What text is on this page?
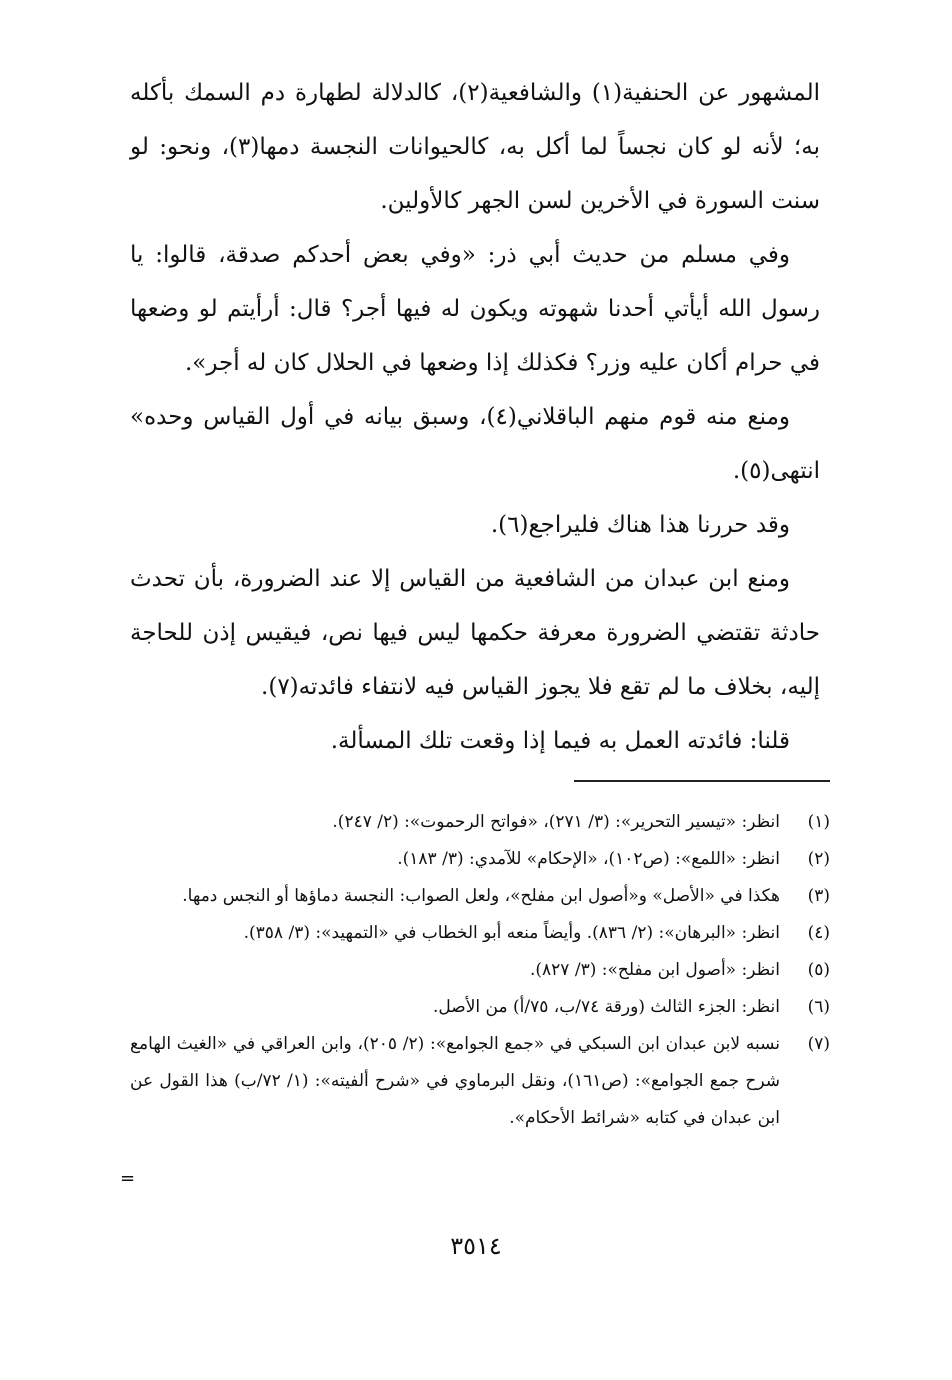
المشهور عن الحنفية(١) والشافعية(٢)، كالدلالة لطهارة دم السمك بأكله به؛ لأنه لو كان نجساً لما أكل به، كالحيوانات النجسة دمها(٣)، ونحو: لو سنت السورة في الأخرين لسن الجهر كالأولين.

وفي مسلم من حديث أبي ذر: «وفي بعض أحدكم صدقة، قالوا: يا رسول الله أيأتي أحدنا شهوته ويكون له فيها أجر؟ قال: أرأيتم لو وضعها في حرام أكان عليه وزر؟ فكذلك إذا وضعها في الحلال كان له أجر».

ومنع منه قوم منهم الباقلاني(٤)، وسبق بيانه في أول القياس وحده» انتهى(٥).

وقد حررنا هذا هناك فليراجع(٦).

ومنع ابن عبدان من الشافعية من القياس إلا عند الضرورة، بأن تحدث حادثة تقتضي الضرورة معرفة حكمها ليس فيها نص، فيقيس إذن للحاجة إليه، بخلاف ما لم تقع فلا يجوز القياس فيه لانتفاء فائدته(٧).

قلنا: فائدته العمل به فيما إذا وقعت تلك المسألة.

(١)
انظر: «تيسير التحرير»: (٣/ ٢٧١)، «فواتح الرحموت»: (٢/ ٢٤٧).
(٢)
انظر: «اللمع»: (ص١٠٢)، «الإحكام» للآمدي: (٣/ ١٨٣).
(٣)
هكذا في «الأصل» و«أصول ابن مفلح»، ولعل الصواب: النجسة دماؤها أو النجس دمها.
(٤)
انظر: «البرهان»: (٢/ ٨٣٦). وأيضاً منعه أبو الخطاب في «التمهيد»: (٣/ ٣٥٨).
(٥)
انظر: «أصول ابن مفلح»: (٣/ ٨٢٧).
(٦)
انظر: الجزء الثالث (ورقة ٧٤/ب، ٧٥/أ) من الأصل.
(٧)
نسبه لابن عبدان ابن السبكي في «جمع الجوامع»: (٢/ ٢٠٥)، وابن العراقي في «الغيث الهامع شرح جمع الجوامع»: (ص١٦١)، ونقل البرماوي في «شرح ألفيته»: (١/ ٧٢/ب) هذا القول عن ابن عبدان في كتابه «شرائط الأحكام».
=
٣٥١٤
